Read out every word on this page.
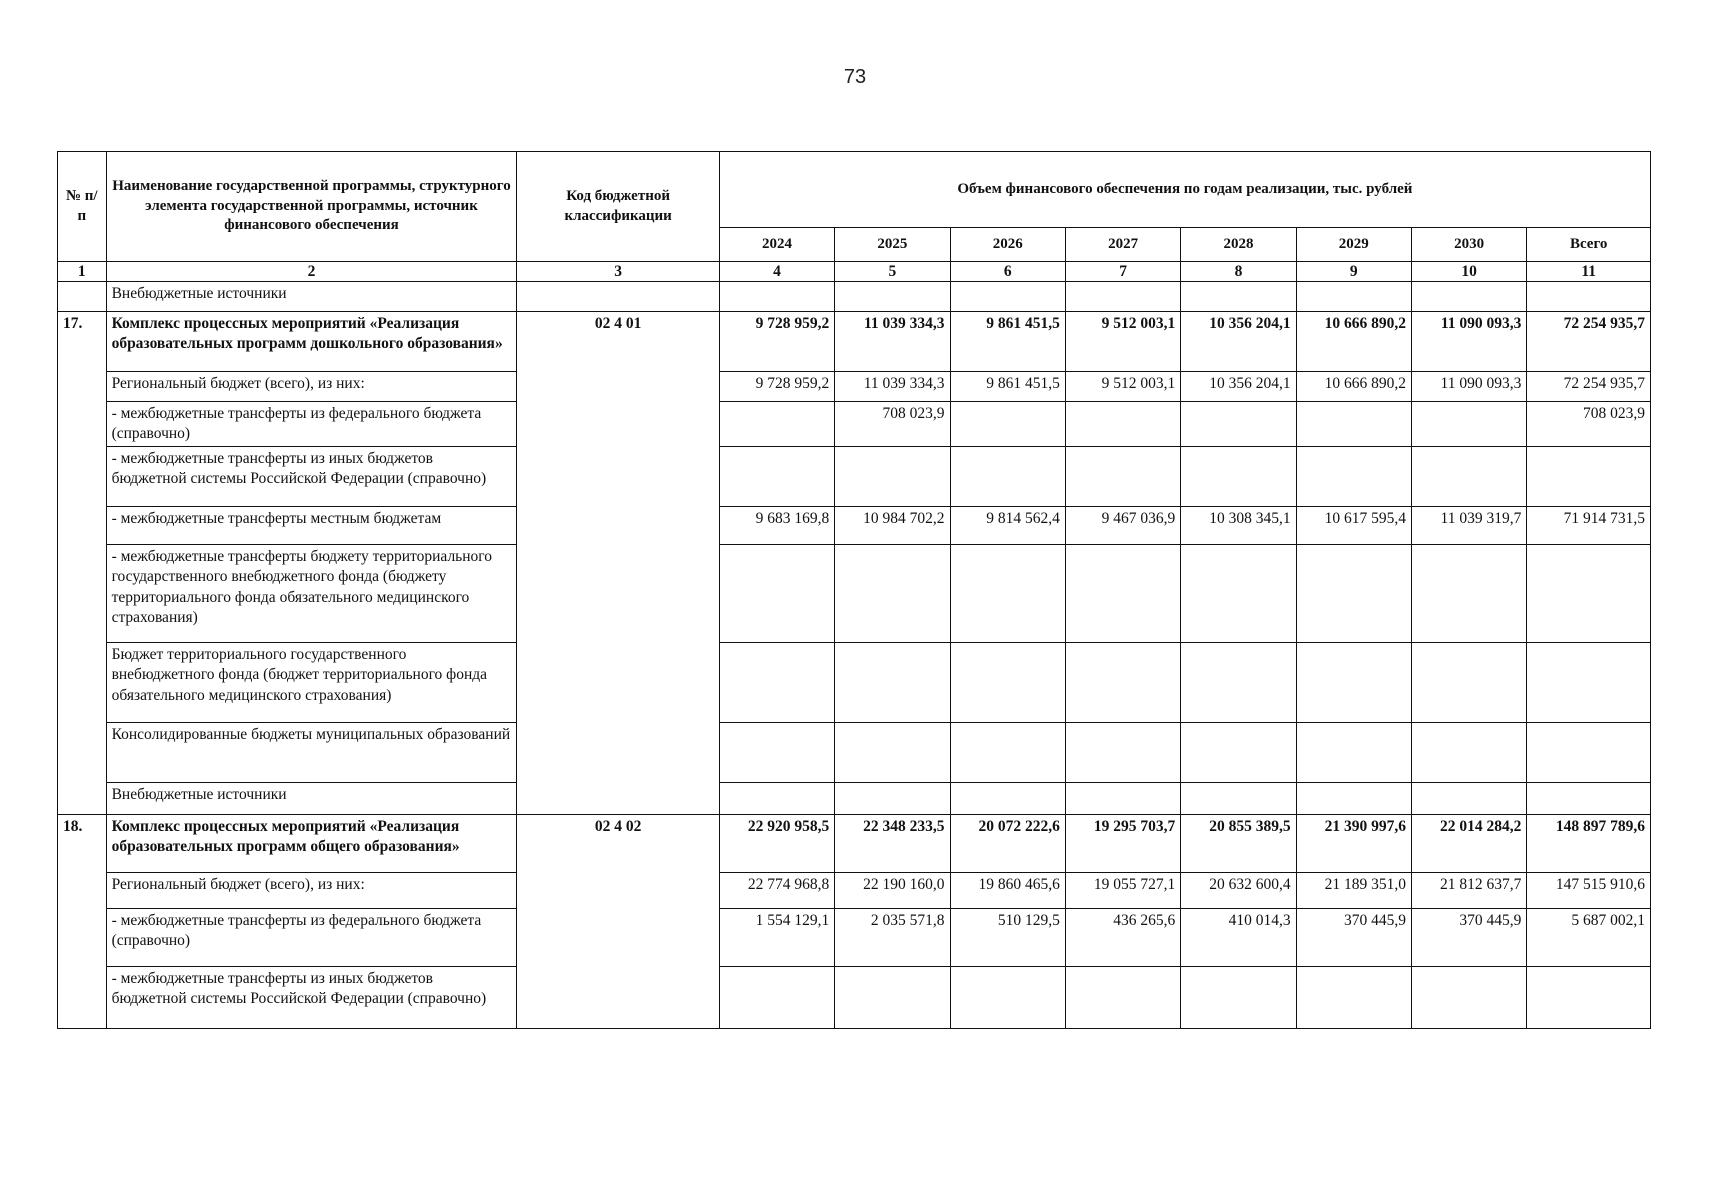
73
№ п/п	Наименование государственной программы, структурного элемента государственной программы, источник финансового обеспечения	Код бюджетной классификации	Объем финансового обеспечения по годам реализации, тыс. рублей							
			2024	2025	2026	2027	2028	2029	2030	Всего
1	2	3	4	5	6	7	8	9	10	11
	Внебюджетные источники									
17.	Комплекс процессных мероприятий «Реализация образовательных программ дошкольного образования»	02 4 01	9 728 959,2	11 039 334,3	9 861 451,5	9 512 003,1	10 356 204,1	10 666 890,2	11 090 093,3	72 254 935,7
	Региональный бюджет (всего), из них:		9 728 959,2	11 039 334,3	9 861 451,5	9 512 003,1	10 356 204,1	10 666 890,2	11 090 093,3	72 254 935,7
	- межбюджетные трансферты из федерального бюджета (справочно)			708 023,9						708 023,9
	- межбюджетные трансферты из иных бюджетов бюджетной системы Российской Федерации (справочно)									
	- межбюджетные трансферты местным бюджетам		9 683 169,8	10 984 702,2	9 814 562,4	9 467 036,9	10 308 345,1	10 617 595,4	11 039 319,7	71 914 731,5
	- межбюджетные трансферты бюджету территориального государственного внебюджетного фонда (бюджету территориального фонда обязательного медицинского страхования)									
	Бюджет территориального государственного внебюджетного фонда (бюджет территориального фонда обязательного медицинского страхования)									
	Консолидированные бюджеты муниципальных образований									
	Внебюджетные источники									
18.	Комплекс процессных мероприятий «Реализация образовательных программ общего образования»	02 4 02	22 920 958,5	22 348 233,5	20 072 222,6	19 295 703,7	20 855 389,5	21 390 997,6	22 014 284,2	148 897 789,6
	Региональный бюджет (всего), из них:		22 774 968,8	22 190 160,0	19 860 465,6	19 055 727,1	20 632 600,4	21 189 351,0	21 812 637,7	147 515 910,6
	- межбюджетные трансферты из федерального бюджета (справочно)		1 554 129,1	2 035 571,8	510 129,5	436 265,6	410 014,3	370 445,9	370 445,9	5 687 002,1
	- межбюджетные трансферты из иных бюджетов бюджетной системы Российской Федерации (справочно)									
